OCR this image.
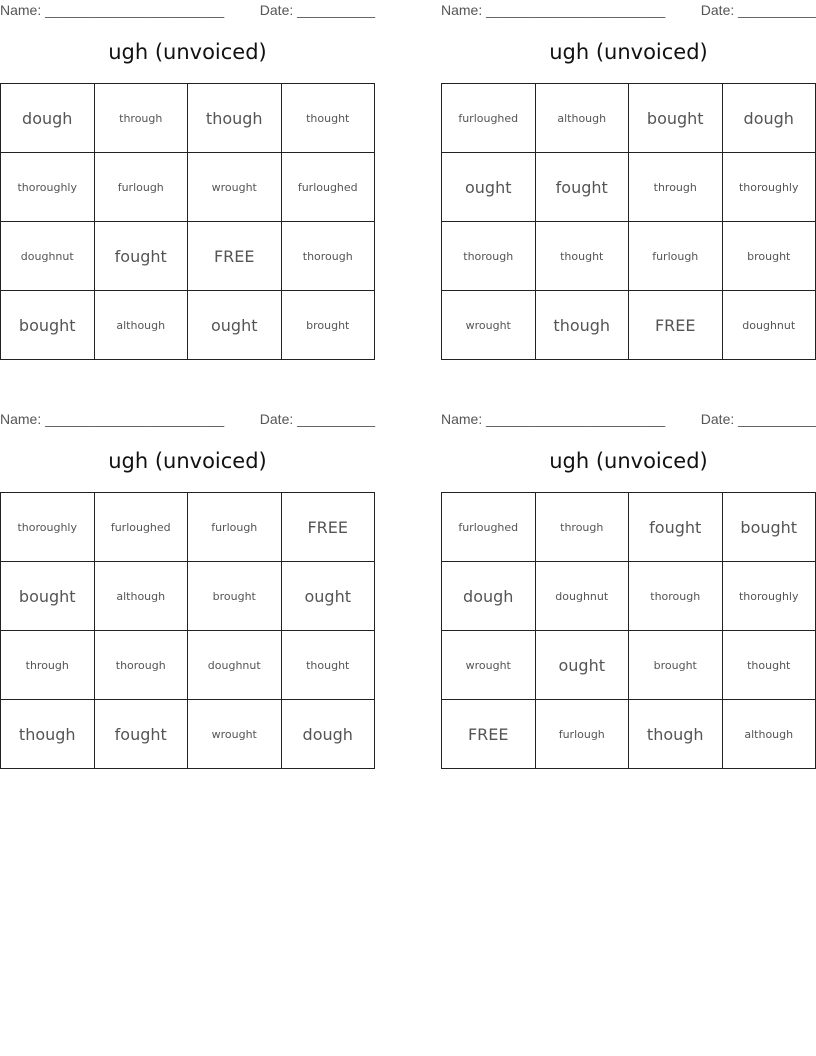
Name: _______________________	Date: __________
ugh (unvoiced)
dough	through	though	thought
thoroughly	furlough	wrought	furloughed
doughnut	fought	FREE	thorough
bought	although	ought	brought
Name: _______________________	Date: __________
ugh (unvoiced)
furloughed	although	bought	dough
ought	fought	through	thoroughly
thorough	thought	furlough	brought
wrought	though	FREE	doughnut
Name: _______________________	Date: __________
ugh (unvoiced)
thoroughly	furloughed	furlough	FREE
bought	although	brought	ought
through	thorough	doughnut	thought
though	fought	wrought	dough
Name: _______________________	Date: __________
ugh (unvoiced)
furloughed	through	fought	bought
dough	doughnut	thorough	thoroughly
wrought	ought	brought	thought
FREE	furlough	though	although
